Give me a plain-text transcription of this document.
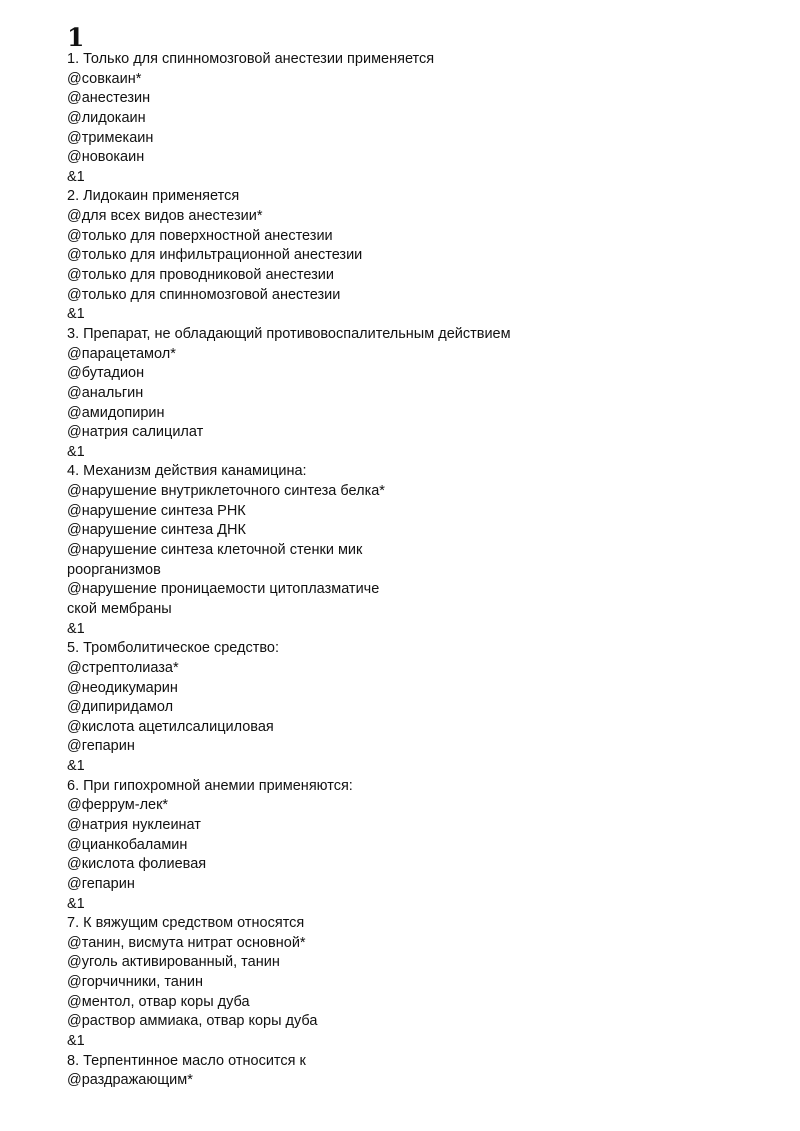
1
1. Только для спинномозговой анестезии применяется
@совкаин*
@анестезин
@лидокаин
@тримекаин
@новокаин
&1
2. Лидокаин применяется
@для всех видов анестезии*
@только для поверхностной анестезии
@только для инфильтрационной анестезии
@только для проводниковой анестезии
@только для спинномозговой анестезии
&1
3. Препарат, не обладающий противовоспалительным действием
@парацетамол*
@бутадион
@анальгин
@амидопирин
@натрия салицилат
&1
4. Механизм действия канамицина:
@нарушение внутриклеточного синтеза белка*
@нарушение синтеза РНК
@нарушение синтеза ДНК
@нарушение синтеза клеточной стенки мик
роорганизмов
@нарушение проницаемости цитоплазматиче
ской мембраны
&1
5. Тромболитическое средство:
@стрептолиаза*
@неодикумарин
@дипиридамол
@кислота ацетилсалициловая
@гепарин
&1
6. При гипохромной анемии применяются:
@феррум-лек*
@натрия нуклеинат
@цианкобаламин
@кислота фолиевая
@гепарин
&1
7. К вяжущим средством относятся
@танин, висмута нитрат основной*
@уголь активированный, танин
@горчичники, танин
@ментол, отвар коры дуба
@раствор аммиака, отвар коры дуба
&1
8. Терпентинное масло относится к
@раздражающим*
